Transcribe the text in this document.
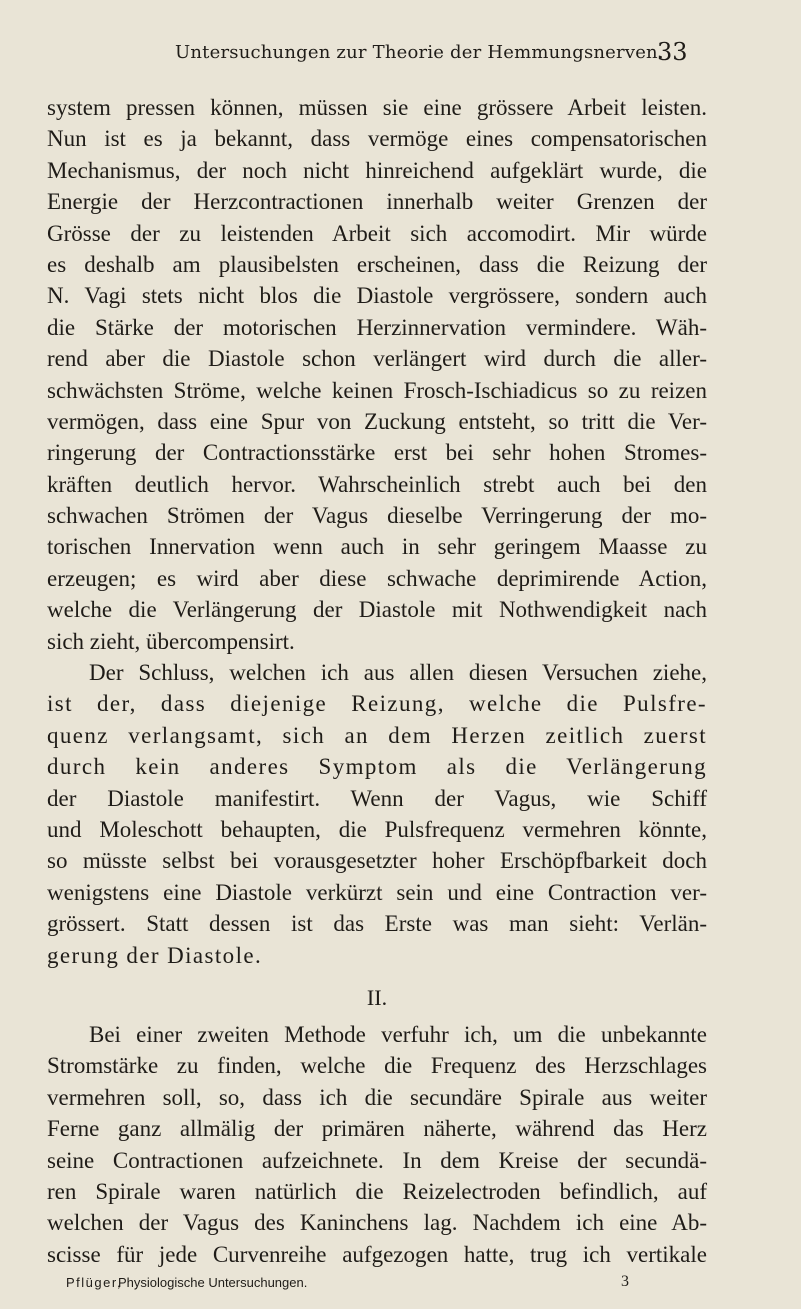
Untersuchungen zur Theorie der Hemmungsnerven.
33
system pressen können, müssen sie eine grössere Arbeit leisten.
Nun ist es ja bekannt, dass vermöge eines compensatorischen
Mechanismus, der noch nicht hinreichend aufgeklärt wurde, die
Energie der Herzcontractionen innerhalb weiter Grenzen der
Grösse der zu leistenden Arbeit sich accomodirt. Mir würde
es deshalb am plausibelsten erscheinen, dass die Reizung der
N. Vagi stets nicht blos die Diastole vergrössere, sondern auch
die Stärke der motorischen Herzinnervation vermindere. Wäh-
rend aber die Diastole schon verlängert wird durch die aller-
schwächsten Ströme, welche keinen Frosch-Ischiadicus so zu reizen
vermögen, dass eine Spur von Zuckung entsteht, so tritt die Ver-
ringerung der Contractionsstärke erst bei sehr hohen Stromes-
kräften deutlich hervor. Wahrscheinlich strebt auch bei den
schwachen Strömen der Vagus dieselbe Verringerung der mo-
torischen Innervation wenn auch in sehr geringem Maasse zu
erzeugen; es wird aber diese schwache deprimirende Action,
welche die Verlängerung der Diastole mit Nothwendigkeit nach
sich zieht, übercompensirt.
Der Schluss, welchen ich aus allen diesen Versuchen ziehe,
ist der, dass diejenige Reizung, welche die Pulsfre-
quenz verlangsamt, sich an dem Herzen zeitlich zuerst
durch kein anderes Symptom als die Verlängerung
der Diastole manifestirt. Wenn der Vagus, wie Schiff
und Moleschott behaupten, die Pulsfrequenz vermehren könnte,
so müsste selbst bei vorausgesetzter hoher Erschöpfbarkeit doch
wenigstens eine Diastole verkürzt sein und eine Contraction ver-
grössert. Statt dessen ist das Erste was man sieht: Verlän-
gerung der Diastole.
II.
Bei einer zweiten Methode verfuhr ich, um die unbekannte
Stromstärke zu finden, welche die Frequenz des Herzschlages
vermehren soll, so, dass ich die secundäre Spirale aus weiter
Ferne ganz allmälig der primären näherte, während das Herz
seine Contractionen aufzeichnete. In dem Kreise der secundä-
ren Spirale waren natürlich die Reizelectroden befindlich, auf
welchen der Vagus des Kaninchens lag. Nachdem ich eine Ab-
scisse für jede Curvenreihe aufgezogen hatte, trug ich vertikale
Pflüger,
Physiologische Untersuchungen.	3
